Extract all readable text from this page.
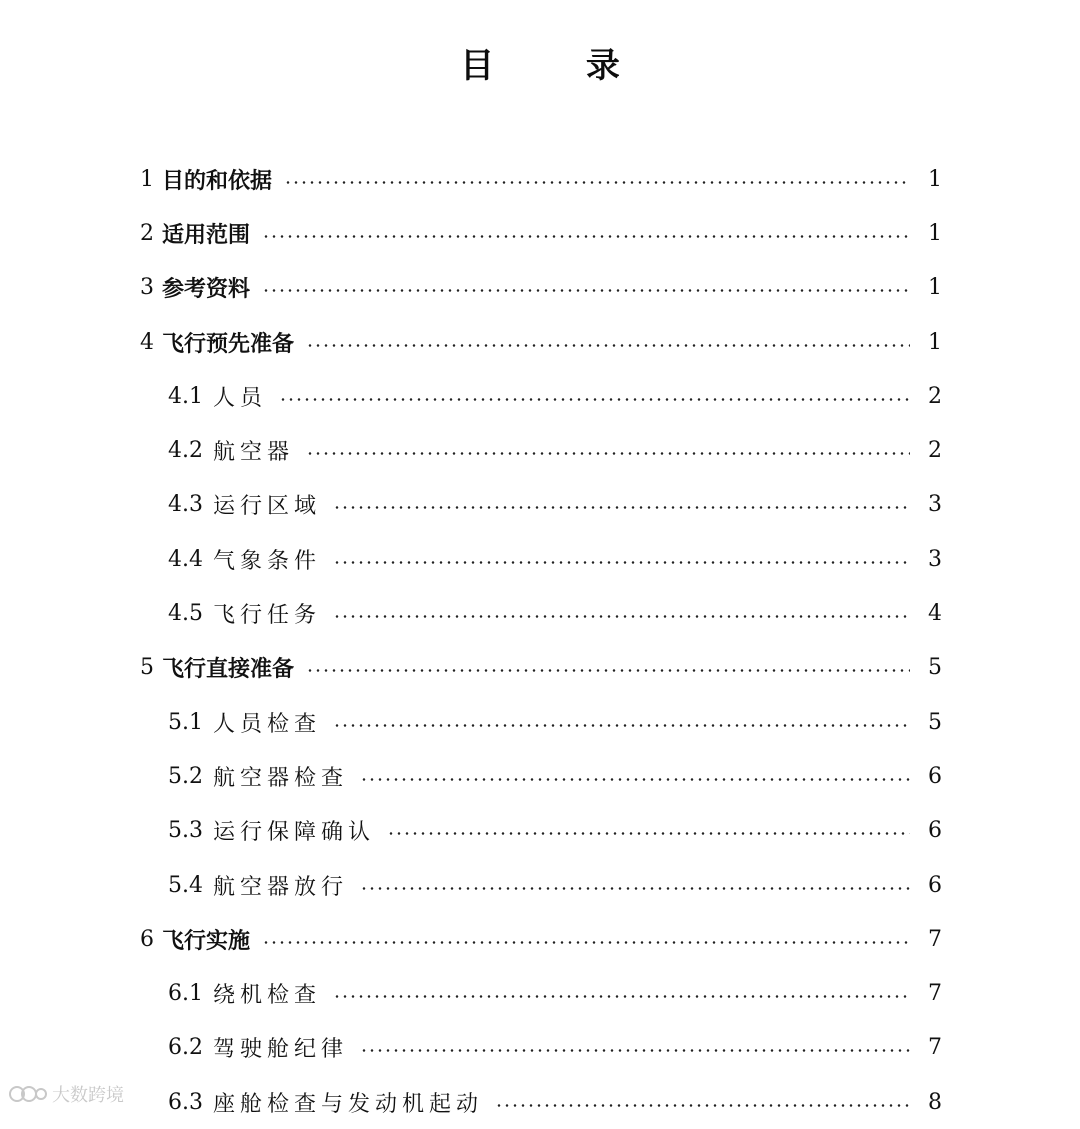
目 录
1 目的和依据	1
2 适用范围	1
3 参考资料	1
4 飞行预先准备	1
4.1 人员	2
4.2 航空器	2
4.3 运行区域	3
4.4 气象条件	3
4.5 飞行任务	4
5 飞行直接准备	5
5.1 人员检查	5
5.2 航空器检查	6
5.3 运行保障确认	6
5.4 航空器放行	6
6 飞行实施	7
6.1 绕机检查	7
6.2 驾驶舱纪律	7
6.3 座舱检查与发动机起动	8
大数跨境
